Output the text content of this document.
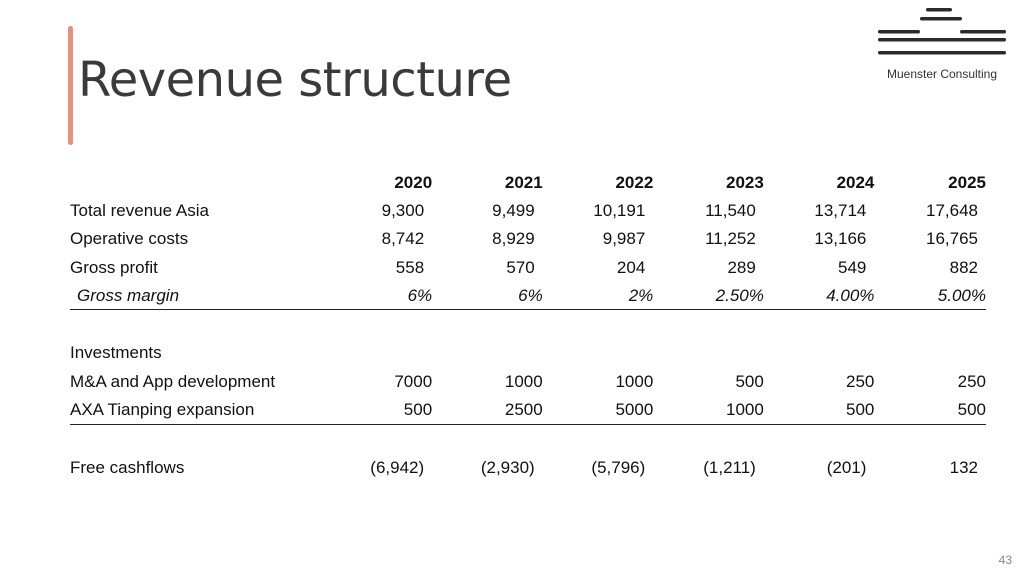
Revenue structure	Muenster Consulting
	2020	2021	2022	2023	2024	2025
Total revenue Asia	9,300	9,499	10,191	11,540	13,714	17,648
Operative costs	8,742	8,929	9,987	11,252	13,166	16,765
Gross profit	558	570	204	289	549	882
Gross margin	6%	6%	2%	2.50%	4.00%	5.00%

Investments						
M&A and App development	7000	1000	1000	500	250	250
AXA Tianping expansion	500	2500	5000	1000	500	500

Free cashflows	(6,942)	(2,930)	(5,796)	(1,211)	(201)	132
43
